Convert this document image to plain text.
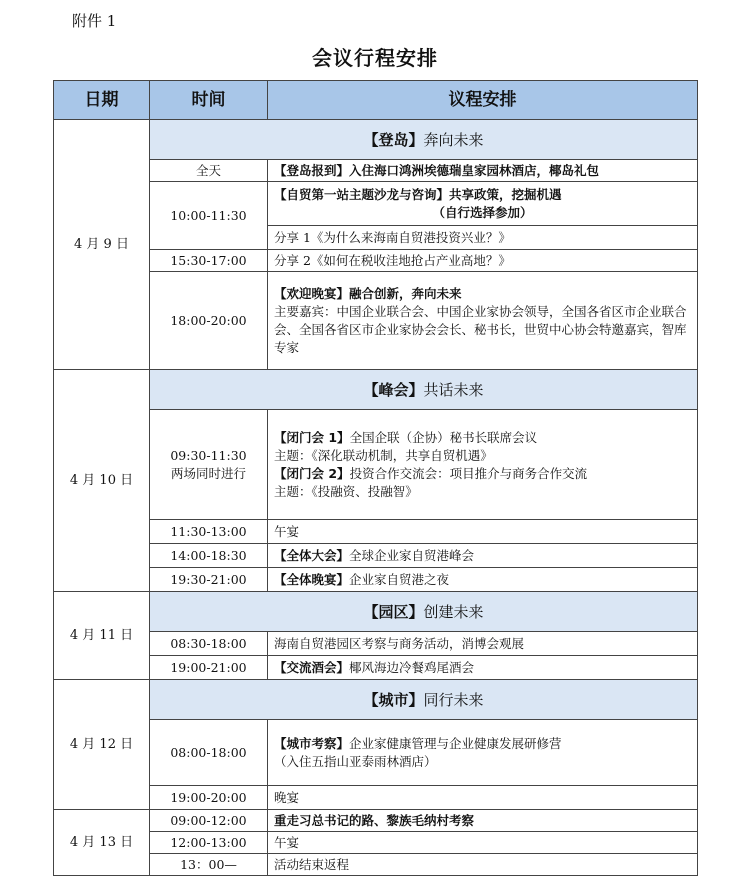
附件 1
会议行程安排
日期	时间	议程安排
4 月 9 日	【登岛】奔向未来	
	全天	【登岛报到】入住海口鸿洲埃德瑞皇家园林酒店，椰岛礼包
	10:00-11:30	【自贸第一站主题沙龙与咨询】共享政策，挖掘机遇
（自行选择参加）

		分享 1《为什么来海南自贸港投资兴业？》
	15:30-17:00	分享 2《如何在税收洼地抢占产业高地？》
	18:00-20:00	【欢迎晚宴】融合创新，奔向未来
主要嘉宾：中国企业联合会、中国企业家协会领导，全国各省区市企业联合会、全国各省区市企业家协会会长、秘书长，世贸中心协会特邀嘉宾，智库专家

4 月 10 日	【峰会】共话未来	

	09:30-11:30
两场同时进行	【闭门会 1】全国企联（企协）秘书长联席会议
主题：《深化联动机制，共享自贸机遇》
【闭门会 2】投资合作交流会：项目推介与商务合作交流
主题：《投融资、投融智》

	11:30-13:00	午宴
	14:00-18:30	【全体大会】全球企业家自贸港峰会
	19:30-21:00	【全体晚宴】企业家自贸港之夜
4 月 11 日	【园区】创建未来	
	08:30-18:00	海南自贸港园区考察与商务活动，消博会观展
	19:00-21:00	【交流酒会】椰风海边冷餐鸡尾酒会
4 月 12 日	【城市】同行未来	
	08:00-18:00	【城市考察】企业家健康管理与企业健康发展研修营
（入住五指山亚泰雨林酒店）
	19:00-20:00	晚宴
4 月 13 日	09:00-12:00	重走习总书记的路、黎族毛纳村考察
	12:00-13:00	午宴
	13：00—	活动结束返程
